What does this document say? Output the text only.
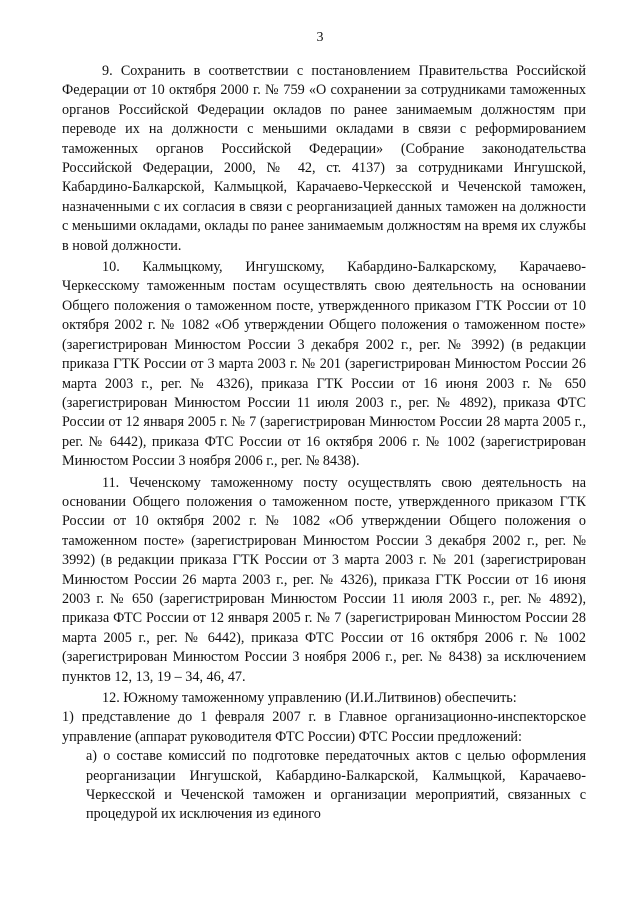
3

9. Сохранить в соответствии с постановлением Правительства Российской Федерации от 10 октября 2000 г. № 759 «О сохранении за сотрудниками таможенных органов Российской Федерации окладов по ранее занимаемым должностям при переводе их на должности с меньшими окладами в связи с реформированием таможенных органов Российской Федерации» (Собрание законодательства Российской Федерации, 2000, № 42, ст. 4137) за сотрудниками Ингушской, Кабардино-Балкарской, Калмыцкой, Карачаево-Черкесской и Чеченской таможен, назначенными с их согласия в связи с реорганизацией данных таможен на должности с меньшими окладами, оклады по ранее занимаемым должностям на время их службы в новой должности.

10. Калмыцкому, Ингушскому, Кабардино-Балкарскому, Карачаево-Черкесскому таможенным постам осуществлять свою деятельность на основании Общего положения о таможенном посте, утвержденного приказом ГТК России от 10 октября 2002 г. № 1082 «Об утверждении Общего положения о таможенном посте» (зарегистрирован Минюстом России 3 декабря 2002 г., рег. № 3992) (в редакции приказа ГТК России от 3 марта 2003 г. № 201 (зарегистрирован Минюстом России 26 марта 2003 г., рег. № 4326), приказа ГТК России от 16 июня 2003 г. № 650 (зарегистрирован Минюстом России 11 июля 2003 г., рег. № 4892), приказа ФТС России от 12 января 2005 г. № 7 (зарегистрирован Минюстом России 28 марта 2005 г., рег. № 6442), приказа ФТС России от 16 октября 2006 г. № 1002 (зарегистрирован Минюстом России 3 ноября 2006 г., рег. № 8438).

11. Чеченскому таможенному посту осуществлять свою деятельность на основании Общего положения о таможенном посте, утвержденного приказом ГТК России от 10 октября 2002 г. № 1082 «Об утверждении Общего положения о таможенном посте» (зарегистрирован Минюстом России 3 декабря 2002 г., рег. № 3992) (в редакции приказа ГТК России от 3 марта 2003 г. № 201 (зарегистрирован Минюстом России 26 марта 2003 г., рег. № 4326), приказа ГТК России от 16 июня 2003 г. № 650 (зарегистрирован Минюстом России 11 июля 2003 г., рег. № 4892), приказа ФТС России от 12 января 2005 г. № 7 (зарегистрирован Минюстом России 28 марта 2005 г., рег. № 6442), приказа ФТС России от 16 октября 2006 г. № 1002 (зарегистрирован Минюстом России 3 ноября 2006 г., рег. № 8438) за исключением пунктов 12, 13, 19 – 34, 46, 47.

12. Южному таможенному управлению (И.И.Литвинов) обеспечить:

1) представление до 1 февраля 2007 г. в Главное организационно-инспекторское управление (аппарат руководителя ФТС России) ФТС России предложений:

а) о составе комиссий по подготовке передаточных актов с целью оформления реорганизации Ингушской, Кабардино-Балкарской, Калмыцкой, Карачаево-Черкесской и Чеченской таможен и организации мероприятий, связанных с процедурой их исключения из единого
